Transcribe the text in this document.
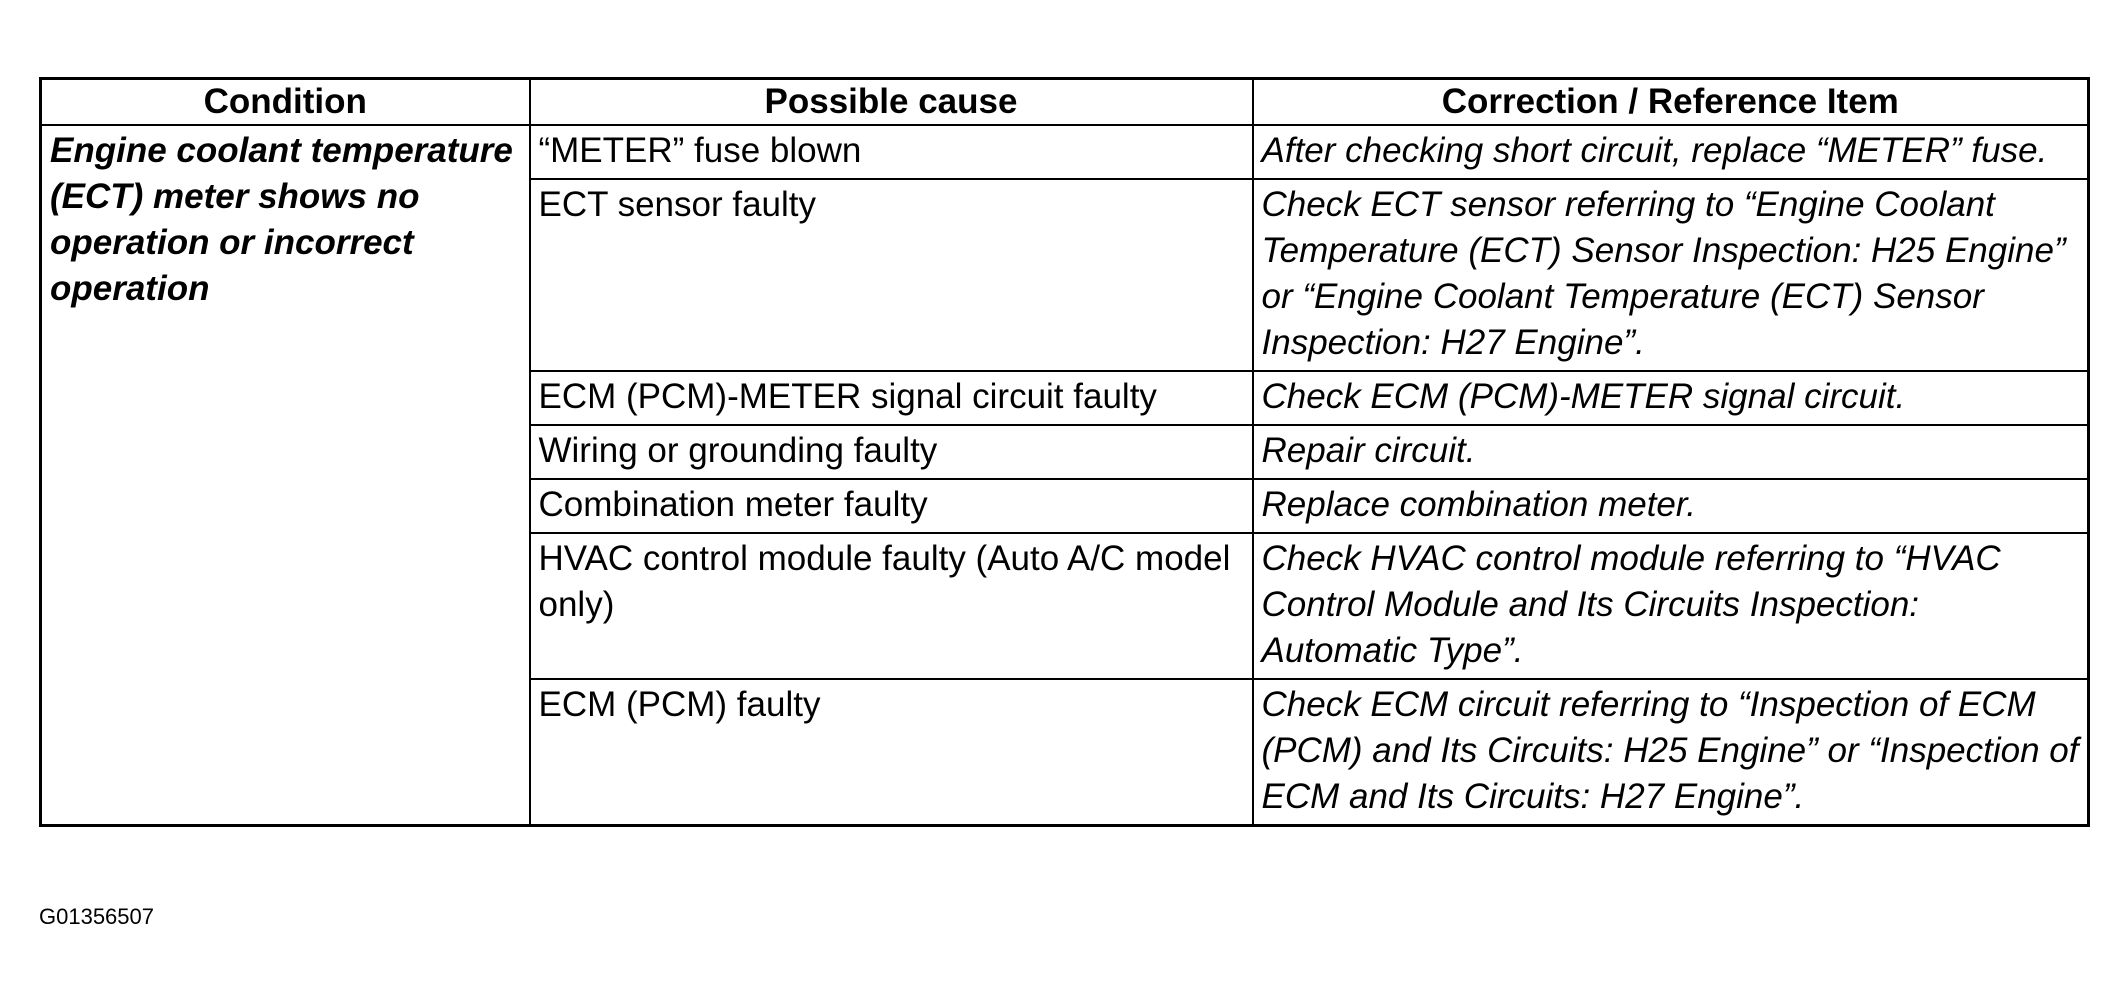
Condition	Possible cause	Correction / Reference Item
Engine coolant temperature (ECT) meter shows no operation or incorrect operation	“METER” fuse blown	After checking short circuit, replace “METER” fuse.
	ECT sensor faulty	Check ECT sensor referring to “Engine Coolant Temperature (ECT) Sensor Inspection: H25 Engine” or “Engine Coolant Temperature (ECT) Sensor Inspection: H27 Engine”.
	ECM (PCM)-METER signal circuit faulty	Check ECM (PCM)-METER signal circuit.
	Wiring or grounding faulty	Repair circuit.
	Combination meter faulty	Replace combination meter.
	HVAC control module faulty (Auto A/C model only)	Check HVAC control module referring to “HVAC Control Module and Its Circuits Inspection: Automatic Type”.
	ECM (PCM) faulty	Check ECM circuit referring to “Inspection of ECM (PCM) and Its Circuits: H25 Engine” or “Inspection of ECM and Its Circuits: H27 Engine”.
G01356507
